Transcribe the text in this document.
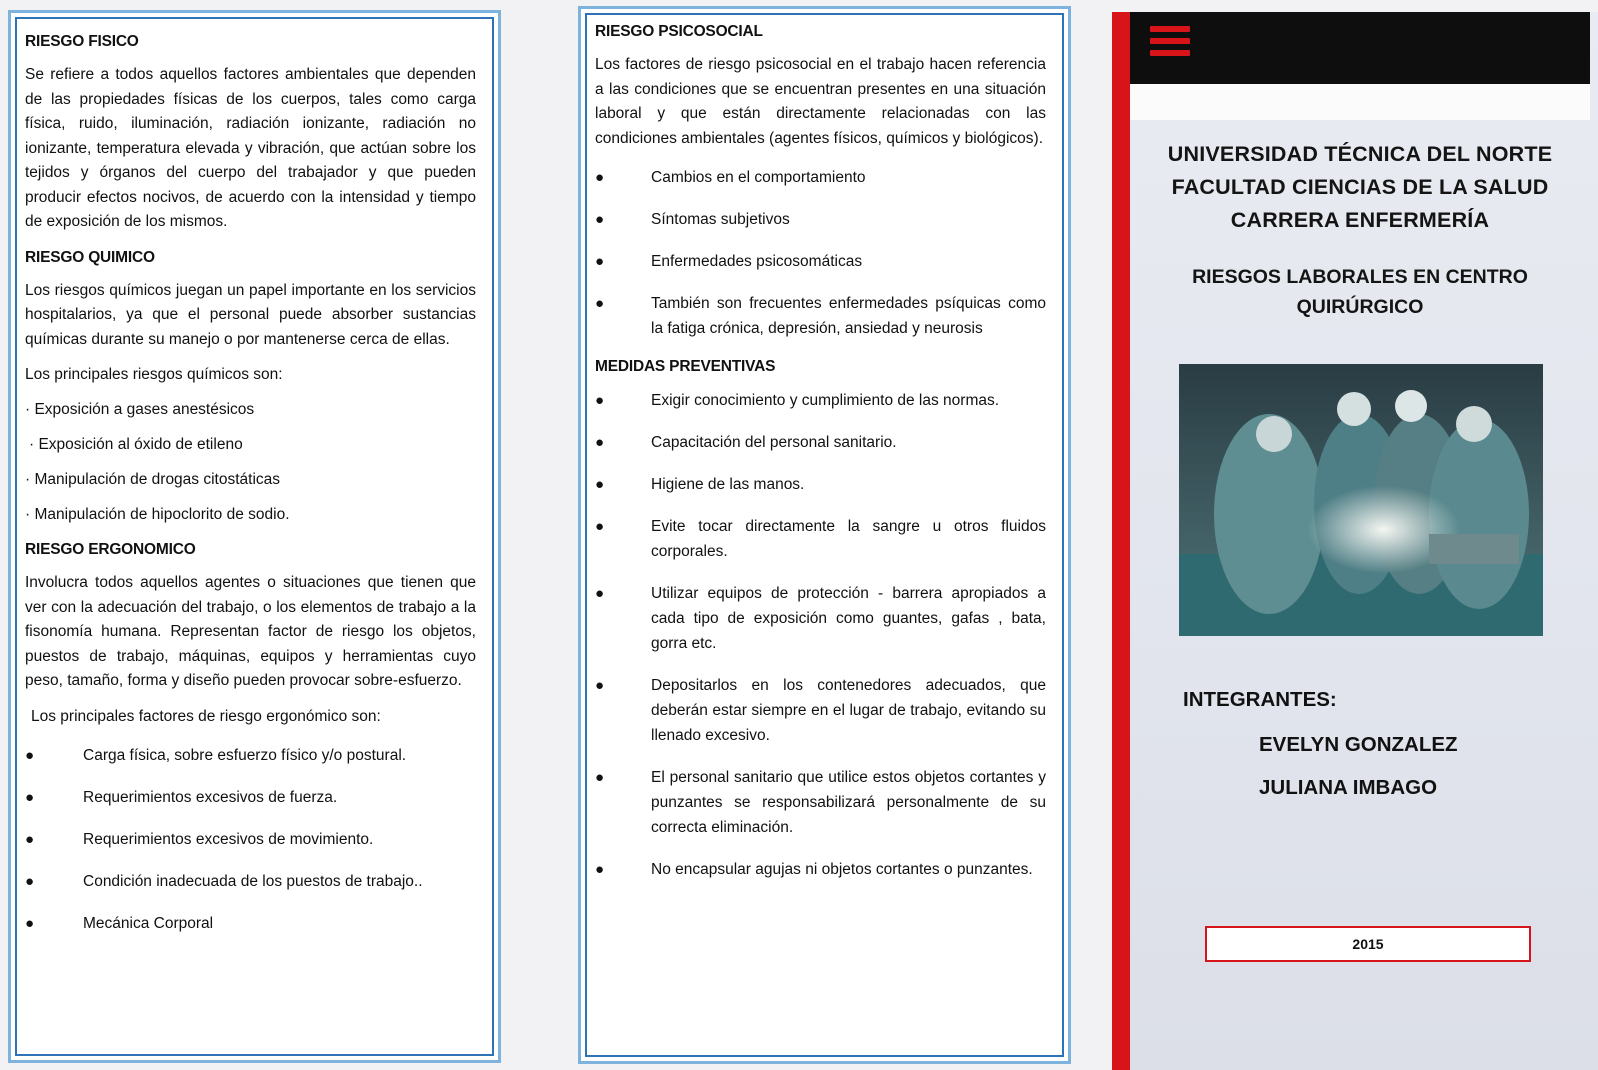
RIESGO FISICO
Se refiere a todos aquellos factores ambientales que dependen de las propiedades físicas de los cuerpos, tales como carga física, ruido, iluminación, radiación ionizante, radiación no ionizante, temperatura elevada y vibración, que actúan sobre los tejidos y órganos del cuerpo del trabajador y que pueden producir efectos nocivos, de acuerdo con la intensidad y tiempo de exposición de los mismos.
RIESGO QUIMICO
Los riesgos químicos juegan un papel importante en los servicios hospitalarios, ya que el personal puede absorber sustancias químicas durante su manejo o por mantenerse cerca de ellas.
Los principales riesgos químicos son:
· Exposición a gases anestésicos
· Exposición al óxido de etileno
· Manipulación de drogas citostáticas
· Manipulación de hipoclorito de sodio.
RIESGO ERGONOMICO
Involucra todos aquellos agentes o situaciones que tienen que ver con la adecuación del trabajo, o los elementos de trabajo a la fisonomía humana. Representan factor de riesgo los objetos, puestos de trabajo, máquinas, equipos y herramientas cuyo peso, tamaño, forma y diseño pueden provocar sobre-esfuerzo.
Los principales factores de riesgo ergonómico son:
●	Carga física, sobre esfuerzo físico y/o postural.
●	Requerimientos excesivos de fuerza.
●	Requerimientos excesivos de movimiento.
●	Condición inadecuada de los puestos de trabajo..
●	Mecánica Corporal
RIESGO PSICOSOCIAL
Los factores de riesgo psicosocial en el trabajo hacen referencia a las condiciones que se encuentran presentes en una situación laboral y que están directamente relacionadas con las condiciones ambientales (agentes físicos, químicos y biológicos).
●	Cambios en el comportamiento
●	Síntomas subjetivos
●	Enfermedades psicosomáticas
●	También son frecuentes enfermedades psíquicas como la fatiga crónica, depresión, ansiedad y neurosis
MEDIDAS PREVENTIVAS
●	Exigir conocimiento y cumplimiento de las normas.
●	Capacitación del personal sanitario.
●	Higiene de las manos.
●	Evite tocar directamente la sangre u otros fluidos corporales.
●	Utilizar equipos de protección - barrera apropiados a cada tipo de exposición como guantes, gafas , bata, gorra etc.
●	Depositarlos en los contenedores adecuados, que deberán estar siempre en el lugar de trabajo, evitando su llenado excesivo.
●	El personal sanitario que utilice estos objetos cortantes y punzantes se responsabilizará personalmente de su correcta eliminación.
●	No encapsular agujas ni objetos cortantes o punzantes.
UNIVERSIDAD TÉCNICA DEL NORTE
FACULTAD CIENCIAS DE LA SALUD
CARRERA ENFERMERÍA
RIESGOS LABORALES EN CENTRO
QUIRÚRGICO
INTEGRANTES:
EVELYN GONZALEZ
JULIANA IMBAGO
2015
